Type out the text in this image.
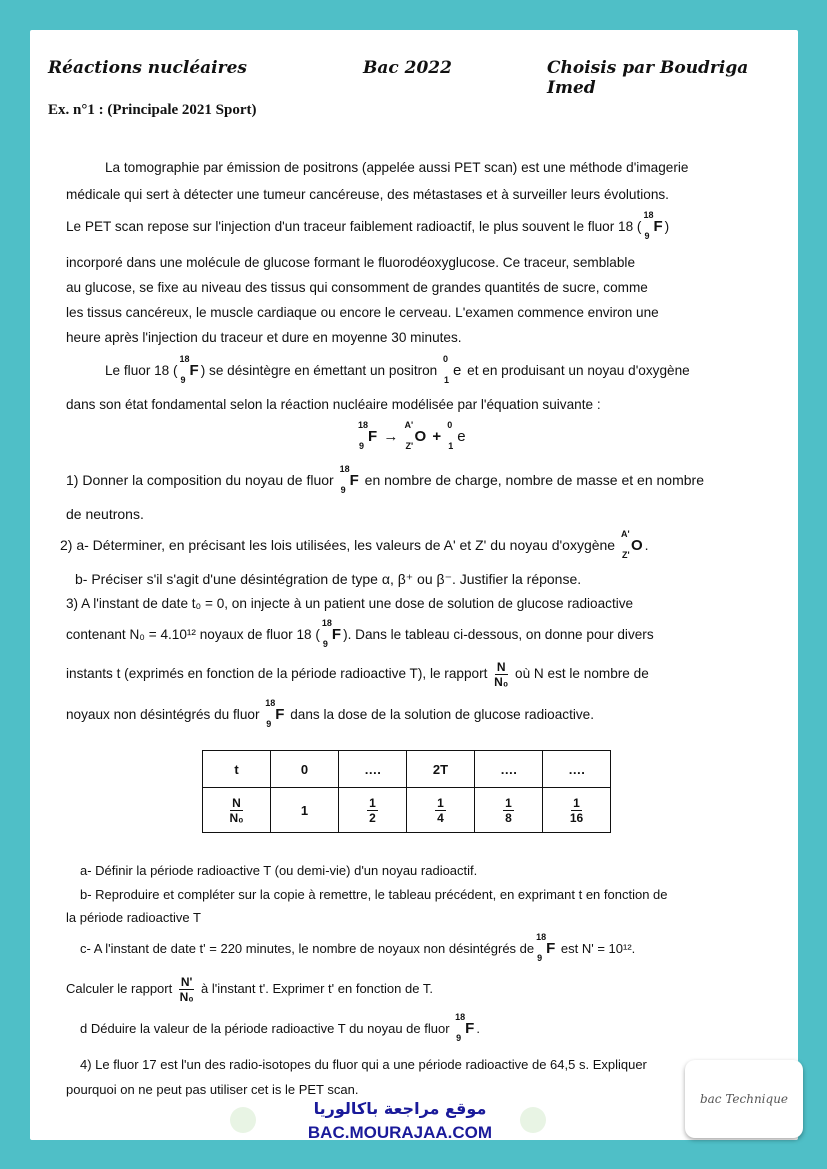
Réactions nucléaires	Bac 2022	Choisis par Boudriga Imed
Ex. n°1 : (Principale 2021 Sport)
La tomographie par émission de positrons (appelée aussi PET scan) est une méthode d'imagerie
médicale qui sert à détecter une tumeur cancéreuse, des métastases et à surveiller leurs évolutions.
Le PET scan repose sur l'injection d'un traceur faiblement radioactif, le plus souvent le fluor 18 (
18
9
F )
incorporé dans une molécule de glucose formant le fluorodéoxyglucose. Ce traceur, semblable
au glucose, se fixe au niveau des tissus qui consomment de grandes quantités de sucre, comme
les tissus cancéreux, le muscle cardiaque ou encore le cerveau. L'examen commence environ une
heure après l'injection du traceur et dure en moyenne 30 minutes.
Le fluor 18 (
18
9
F ) se désintègre en émettant un positron
0
1
e et en produisant un noyau d'oxygène
dans son état fondamental selon la réaction nucléaire modélisée par l'équation suivante :
18
9
F →
A'
Z'
O +
0
1
e
1) Donner la composition du noyau de fluor
18
9
F en nombre de charge, nombre de masse et en nombre
de neutrons.
2) a- Déterminer, en précisant les lois utilisées, les valeurs de A' et Z' du noyau d'oxygène
A'
Z'
O .
b- Préciser s'il s'agit d'une désintégration de type α, β⁺ ou β⁻. Justifier la réponse.
3) A l'instant de date t₀ = 0, on injecte à un patient une dose de solution de glucose radioactive
contenant N₀ = 4.10¹² noyaux de fluor 18 (
18
9
F ). Dans le tableau ci-dessous, on donne pour divers
instants t (exprimés en fonction de la période radioactive T), le rapport $\frac{N}{\text{N₀}}$ où N est le nombre de
noyaux non désintégrés du fluor
18
9
F dans la dose de la solution de glucose radioactive.
t	0	….	2T	….	….

$\frac{N}{\text{N₀}}$	1	$\frac{1}{2}$	$\frac{1}{4}$	$\frac{1}{8}$	$\frac{1}{16}$
a- Définir la période radioactive T (ou demi-vie) d'un noyau radioactif.
b- Reproduire et compléter sur la copie à remettre, le tableau précédent, en exprimant t en fonction de
la période radioactive T
c- A l'instant de date t' = 220 minutes, le nombre de noyaux non désintégrés de
18
9
F est N' = 10¹².
Calculer le rapport $\frac{N'}{\text{N₀}}$ à l'instant t'. Exprimer t' en fonction de T.
d Déduire la valeur de la période radioactive T du noyau de fluor
18
9
F .
4) Le fluor 17 est l'un des radio-isotopes du fluor qui a une période radioactive de 64,5 s. Expliquer
pourquoi on ne peut pas utiliser cet is le PET scan.
موقع مراجعة باكالوريا
BAC.MOURAJAA.COM
bac Technique
